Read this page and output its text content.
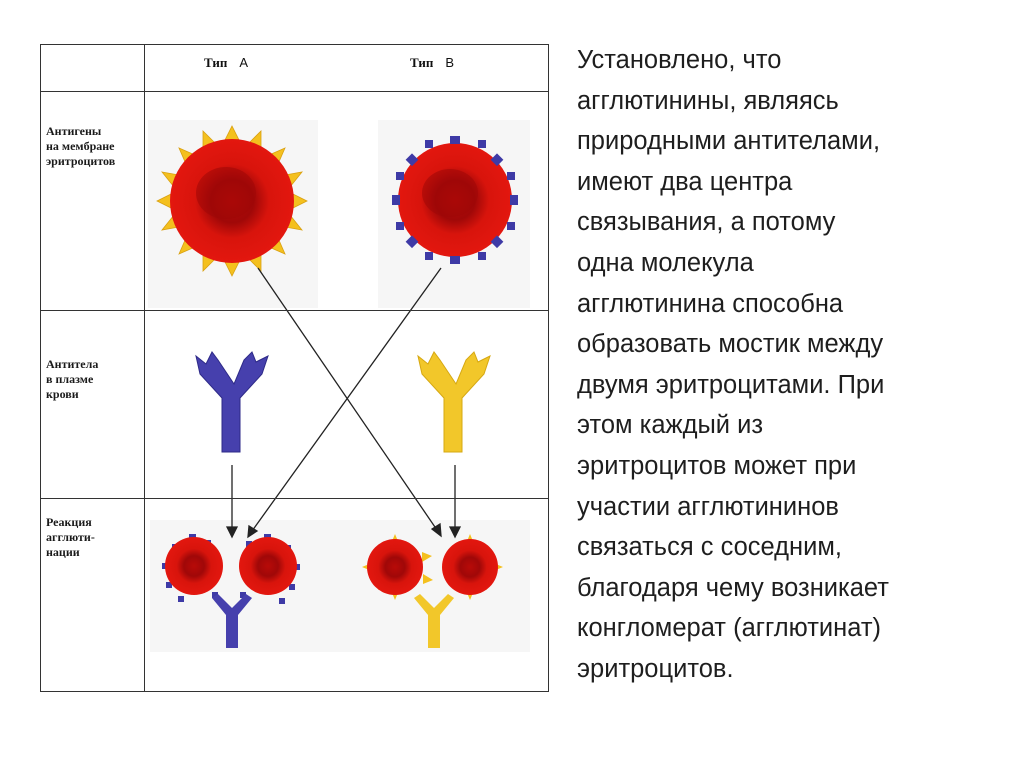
Тип А	Тип В
Антигены
на мембране
эритроцитов
Антитела
в плазме
крови
Реакция
агглюти-
нации
Установлено, что
агглютинины, являясь
природными антителами,
имеют два центра
связывания, а потому
одна молекула
агглютинина способна
образовать мостик между
двумя эритроцитами. При
этом каждый из
эритроцитов может при
участии агглютининов
связаться с соседним,
благодаря чему возникает
конгломерат (агглютинат)
эритроцитов.
